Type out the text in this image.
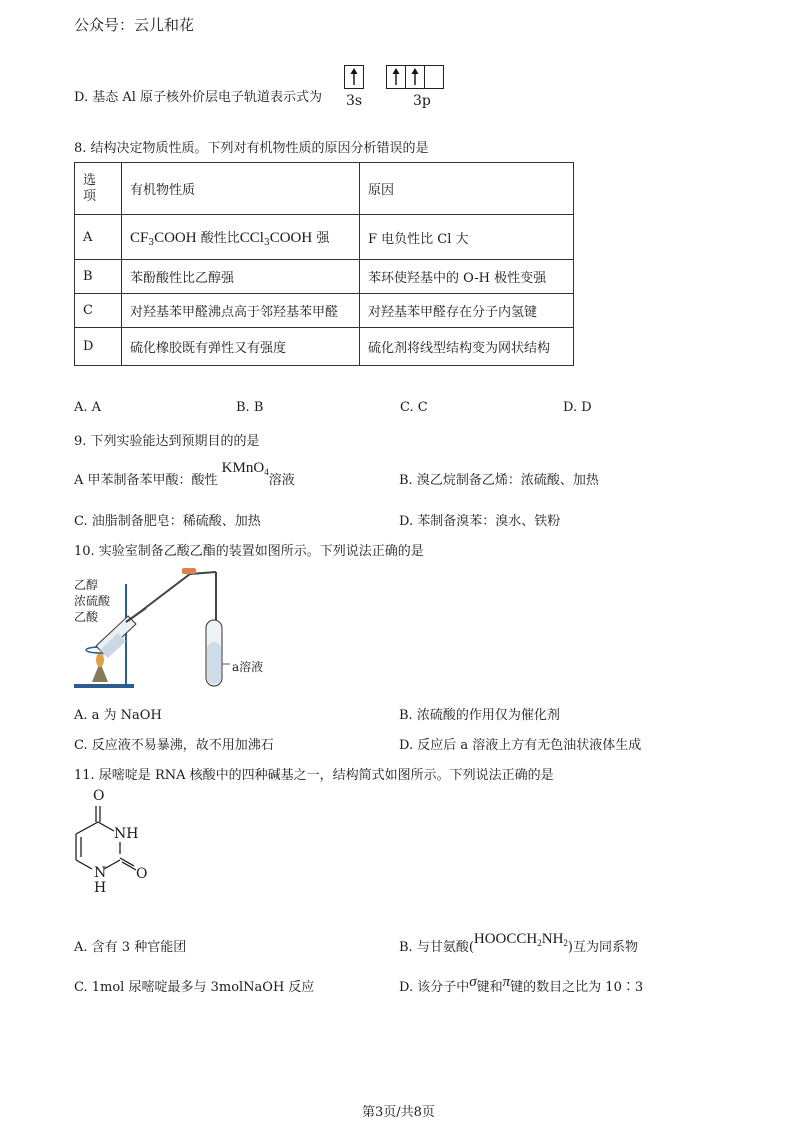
公众号：云儿和花
D. 基态 Al 原子核外价层电子轨道表示式为 3s	3p
8. 结构决定物质性质。下列对有机物性质的原因分析错误的是
选项	有机物性质	原因
A	$CF_3COOH$ 酸性比CCl$_3$COOH 强	F 电负性比 Cl 大
B	苯酚酸性比乙醇强	苯环使羟基中的 O-H 极性变强
C	对羟基苯甲醛沸点高于邻羟基苯甲醛	对羟基苯甲醛存在分子内氢键
D	硫化橡胶既有弹性又有强度	硫化剂将线型结构变为网状结构
A. A	B. B	C. C	D. D
9. 下列实验能达到预期目的的是
A 甲苯制备苯甲酸：酸性 KMnO$_4$溶液	B. 溴乙烷制备乙烯：浓硫酸、加热
C. 油脂制备肥皂：稀硫酸、加热	D. 苯制备溴苯：溴水、铁粉
10. 实验室制备乙酸乙酯的装置如图所示。下列说法正确的是
乙醇
浓硫酸
乙酸
a溶液
A. a 为 NaOH	B. 浓硫酸的作用仅为催化剂
C. 反应液不易暴沸，故不用加沸石	D. 反应后 a 溶液上方有无色油状液体生成
11. 尿嘧啶是 RNA 核酸中的四种碱基之一，结构简式如图所示。下列说法正确的是
O
NH
O
N
H
A. 含有 3 种官能团	B. 与甘氨酸$(HOOCCH_2NH_2)$互为同系物
C. 1mol 尿嘧啶最多与 3molNaOH 反应	D. 该分子中σ键和π键的数目之比为 10∶3
第3页/共8页
